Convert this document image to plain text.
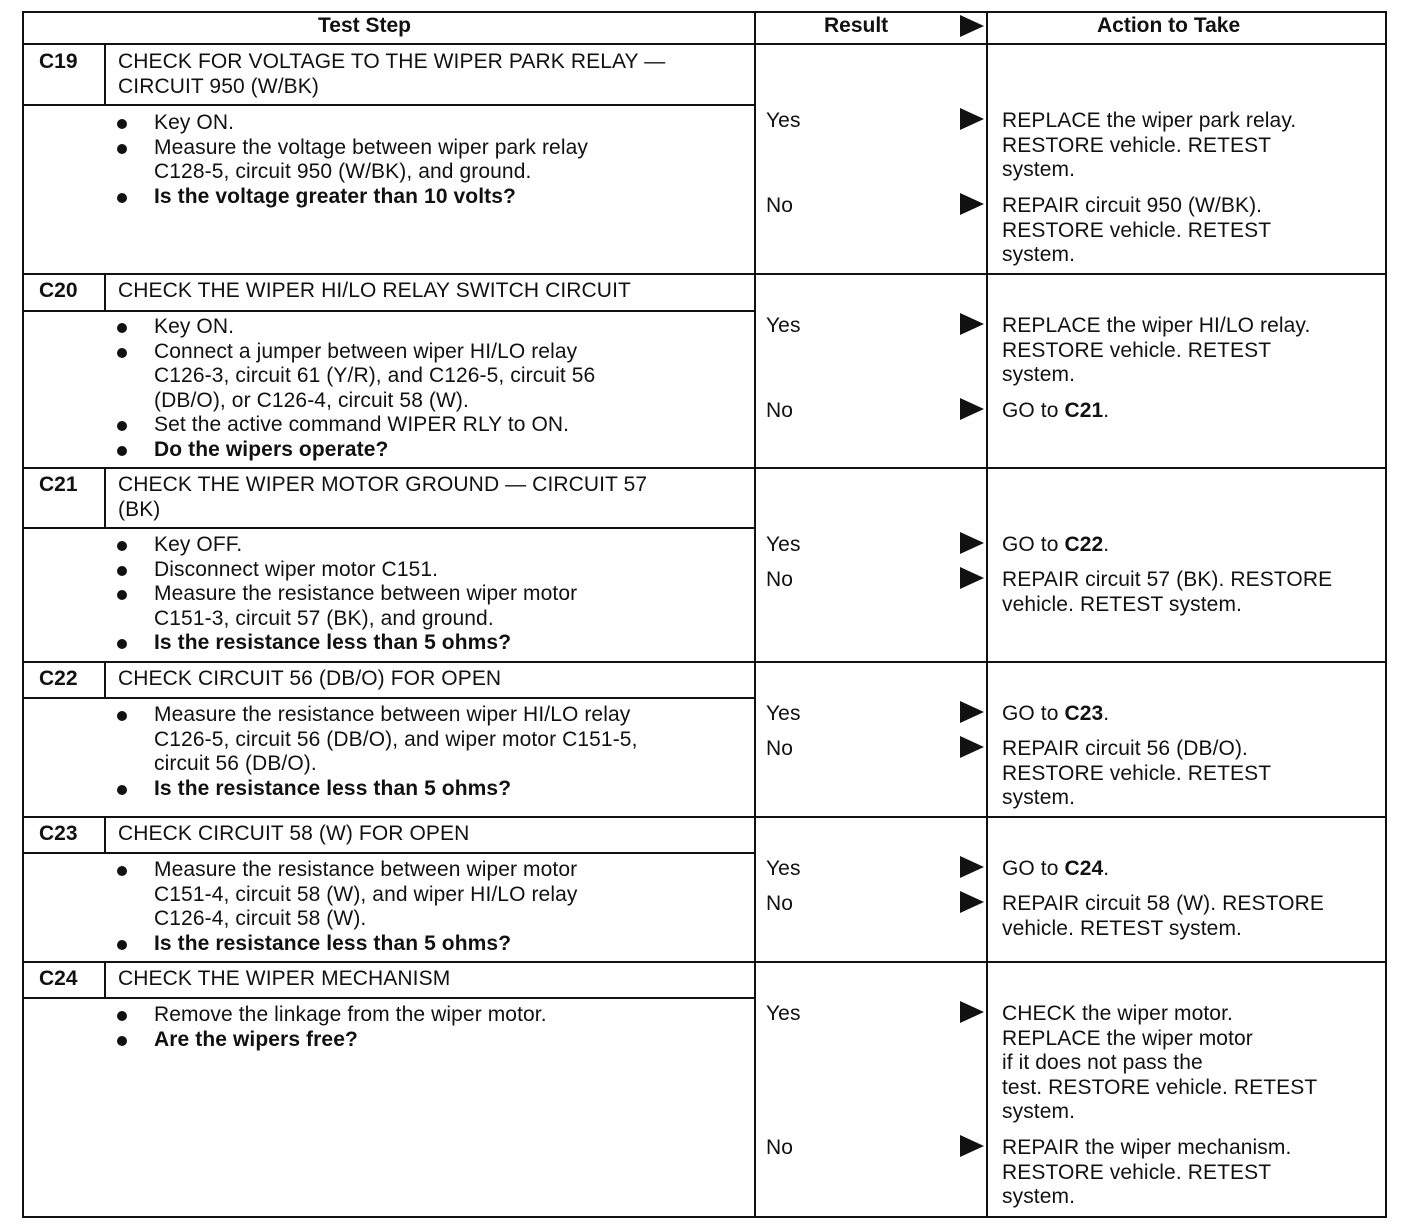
Test Step	Result	Action to Take
C19 CHECK FOR VOLTAGE TO THE WIPER PARK RELAY —
CIRCUIT 950 (W/BK)
Key ON.
Measure the voltage between wiper park relay
C128-5, circuit 950 (W/BK), and ground.
Is the voltage greater than 10 volts?
Yes	REPLACE the wiper park relay.
RESTORE vehicle. RETEST
system.
No	REPAIR circuit 950 (W/BK).
RESTORE vehicle. RETEST
system.
C20 CHECK THE WIPER HI/LO RELAY SWITCH CIRCUIT
Key ON.
Connect a jumper between wiper HI/LO relay
C126-3, circuit 61 (Y/R), and C126-5, circuit 56
(DB/O), or C126-4, circuit 58 (W).
Set the active command WIPER RLY to ON.
Do the wipers operate?
Yes	REPLACE the wiper HI/LO relay.
RESTORE vehicle. RETEST
system.
No	GO to C21.
C21 CHECK THE WIPER MOTOR GROUND — CIRCUIT 57
(BK)
Key OFF.
Disconnect wiper motor C151.
Measure the resistance between wiper motor
C151-3, circuit 57 (BK), and ground.
Is the resistance less than 5 ohms?
Yes	GO to C22.
No	REPAIR circuit 57 (BK). RESTORE
vehicle. RETEST system.
C22 CHECK CIRCUIT 56 (DB/O) FOR OPEN
Measure the resistance between wiper HI/LO relay
C126-5, circuit 56 (DB/O), and wiper motor C151-5,
circuit 56 (DB/O).
Is the resistance less than 5 ohms?
Yes	GO to C23.
No	REPAIR circuit 56 (DB/O).
RESTORE vehicle. RETEST
system.
C23 CHECK CIRCUIT 58 (W) FOR OPEN
Measure the resistance between wiper motor
C151-4, circuit 58 (W), and wiper HI/LO relay
C126-4, circuit 58 (W).
Is the resistance less than 5 ohms?
Yes	GO to C24.
No	REPAIR circuit 58 (W). RESTORE
vehicle. RETEST system.
C24 CHECK THE WIPER MECHANISM
Remove the linkage from the wiper motor.
Are the wipers free?
Yes	CHECK the wiper motor.
REPLACE the wiper motor
if it does not pass the
test. RESTORE vehicle. RETEST
system.
No	REPAIR the wiper mechanism.
RESTORE vehicle. RETEST
system.
